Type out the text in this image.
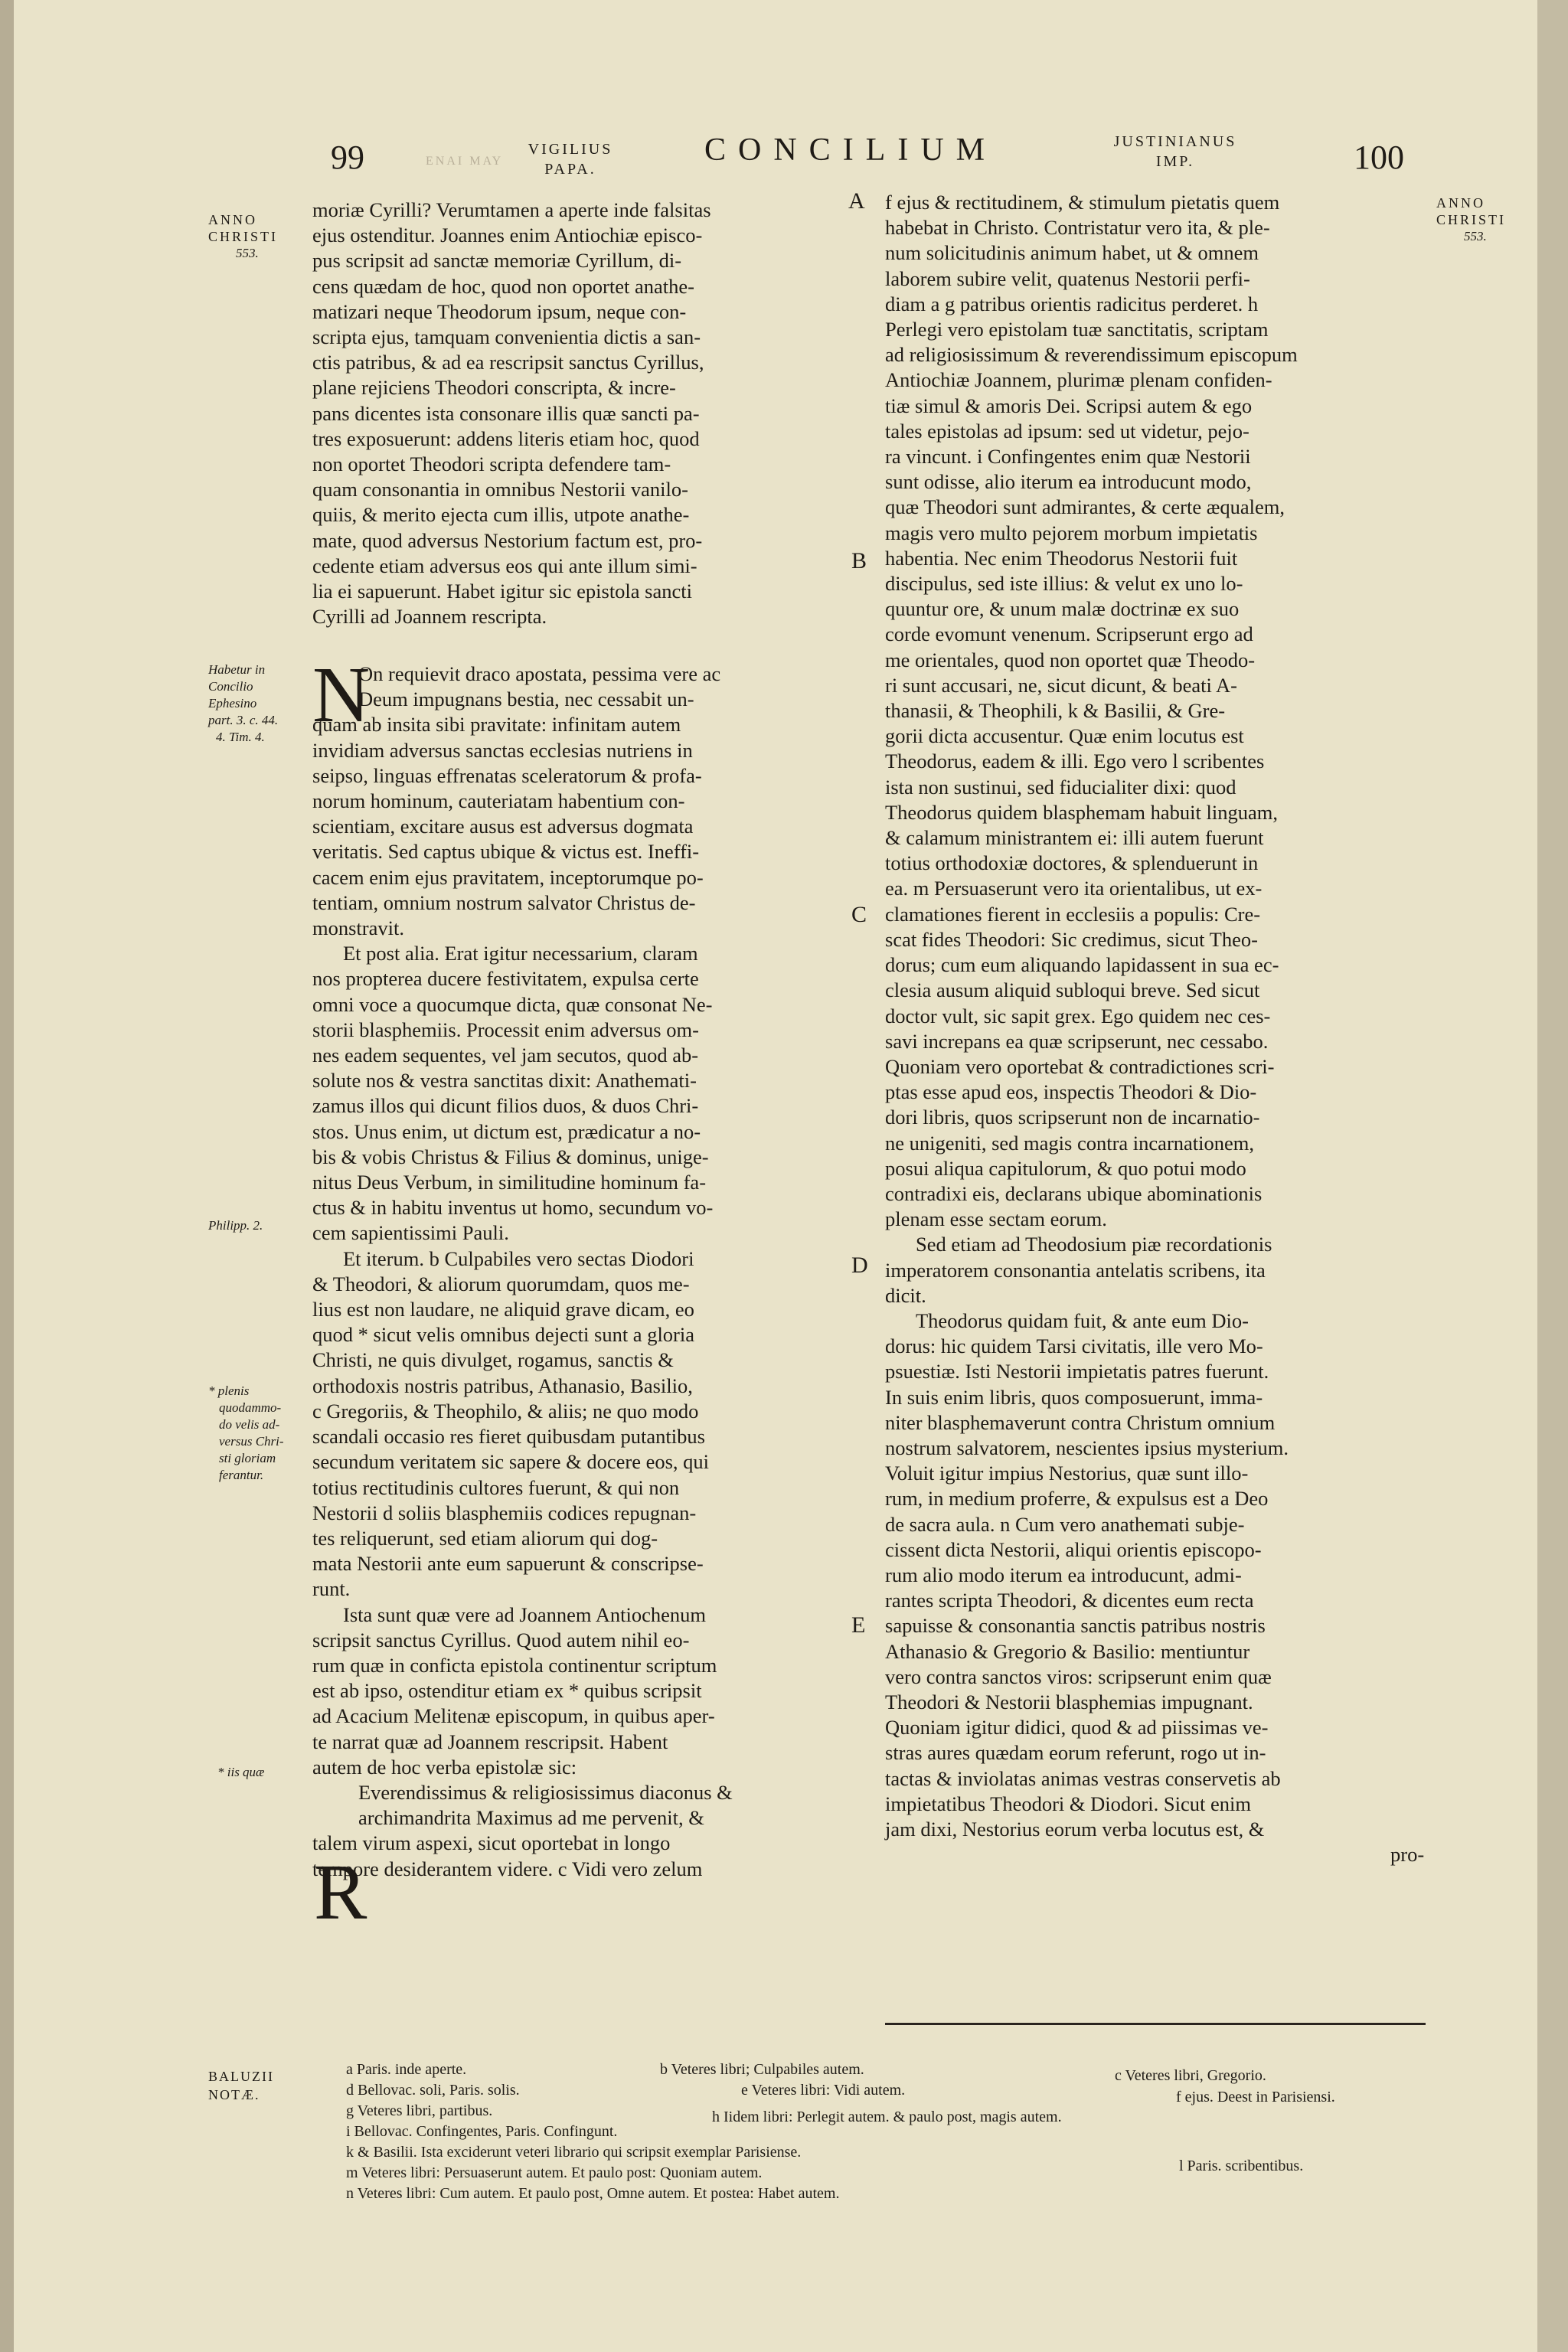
99	ΕΝΑΙ ΜΑΥ
VIGILIUS
PAPA.
CONCILIUM	JUSTINIANUS
IMP.	100
ANNO
CHRISTI
553.
Habetur in
Concilio
Ephesino
part. 3. c. 44.
4. Tim. 4.
Philipp. 2.
* plenis
quodammo-
do velis ad-
versus Chri-
sti gloriam
ferantur.
* iis quæ
ANNO
CHRISTI
553.
A
B
C
D
E
N
R

moriæ Cyrilli? Verumtamen a aperte inde falsitas

ejus ostenditur. Joannes enim Antiochiæ episco-

pus scripsit ad sanctæ memoriæ Cyrillum, di-

cens quædam de hoc, quod non oportet anathe-

matizari neque Theodorum ipsum, neque con-

scripta ejus, tamquam convenientia dictis a san-

ctis patribus, & ad ea rescripsit sanctus Cyrillus,

plane rejiciens Theodori conscripta, & incre-

pans dicentes ista consonare illis quæ sancti pa-

tres exposuerunt: addens literis etiam hoc, quod

non oportet Theodori scripta defendere tam-

quam consonantia in omnibus Nestorii vanilo-

quiis, & merito ejecta cum illis, utpote anathe-

mate, quod adversus Nestorium factum est, pro-

cedente etiam adversus eos qui ante illum simi-

lia ei sapuerunt. Habet igitur sic epistola sancti

Cyrilli ad Joannem rescripta.

On requievit draco apostata, pessima vere ac

Deum impugnans bestia, nec cessabit un-

quam ab insita sibi pravitate: infinitam autem

invidiam adversus sanctas ecclesias nutriens in

seipso, linguas effrenatas sceleratorum & profa-

norum hominum, cauteriatam habentium con-

scientiam, excitare ausus est adversus dogmata

veritatis. Sed captus ubique & victus est. Ineffi-

cacem enim ejus pravitatem, inceptorumque po-

tentiam, omnium nostrum salvator Christus de-

monstravit.

Et post alia. Erat igitur necessarium, claram

nos propterea ducere festivitatem, expulsa certe

omni voce a quocumque dicta, quæ consonat Ne-

storii blasphemiis. Processit enim adversus om-

nes eadem sequentes, vel jam secutos, quod ab-

solute nos & vestra sanctitas dixit: Anathemati-

zamus illos qui dicunt filios duos, & duos Chri-

stos. Unus enim, ut dictum est, prædicatur a no-

bis & vobis Christus & Filius & dominus, unige-

nitus Deus Verbum, in similitudine hominum fa-

ctus & in habitu inventus ut homo, secundum vo-

cem sapientissimi Pauli.

Et iterum. b Culpabiles vero sectas Diodori

& Theodori, & aliorum quorumdam, quos me-

lius est non laudare, ne aliquid grave dicam, eo

quod * sicut velis omnibus dejecti sunt a gloria

Christi, ne quis divulget, rogamus, sanctis &

orthodoxis nostris patribus, Athanasio, Basilio,

c Gregoriis, & Theophilo, & aliis; ne quo modo

scandali occasio res fieret quibusdam putantibus

secundum veritatem sic sapere & docere eos, qui

totius rectitudinis cultores fuerunt, & qui non

Nestorii d soliis blasphemiis codices repugnan-

tes reliquerunt, sed etiam aliorum qui dog-

mata Nestorii ante eum sapuerunt & conscripse-

runt.

Ista sunt quæ vere ad Joannem Antiochenum

scripsit sanctus Cyrillus. Quod autem nihil eo-

rum quæ in conficta epistola continentur scriptum

est ab ipso, ostenditur etiam ex * quibus scripsit

ad Acacium Melitenæ episcopum, in quibus aper-

te narrat quæ ad Joannem rescripsit. Habent

autem de hoc verba epistolæ sic:

Everendissimus & religiosissimus diaconus &

archimandrita Maximus ad me pervenit, &

talem virum aspexi, sicut oportebat in longo

tempore desiderantem videre. c Vidi vero zelum

f ejus & rectitudinem, & stimulum pietatis quem

habebat in Christo. Contristatur vero ita, & ple-

num solicitudinis animum habet, ut & omnem

laborem subire velit, quatenus Nestorii perfi-

diam a g patribus orientis radicitus perderet. h

Perlegi vero epistolam tuæ sanctitatis, scriptam

ad religiosissimum & reverendissimum episcopum

Antiochiæ Joannem, plurimæ plenam confiden-

tiæ simul & amoris Dei. Scripsi autem & ego

tales epistolas ad ipsum: sed ut videtur, pejo-

ra vincunt. i Confingentes enim quæ Nestorii

sunt odisse, alio iterum ea introducunt modo,

quæ Theodori sunt admirantes, & certe æqualem,

magis vero multo pejorem morbum impietatis

habentia. Nec enim Theodorus Nestorii fuit

discipulus, sed iste illius: & velut ex uno lo-

quuntur ore, & unum malæ doctrinæ ex suo

corde evomunt venenum. Scripserunt ergo ad

me orientales, quod non oportet quæ Theodo-

ri sunt accusari, ne, sicut dicunt, & beati A-

thanasii, & Theophili, k & Basilii, & Gre-

gorii dicta accusentur. Quæ enim locutus est

Theodorus, eadem & illi. Ego vero l scribentes

ista non sustinui, sed fiducialiter dixi: quod

Theodorus quidem blasphemam habuit linguam,

& calamum ministrantem ei: illi autem fuerunt

totius orthodoxiæ doctores, & splenduerunt in

ea. m Persuaserunt vero ita orientalibus, ut ex-

clamationes fierent in ecclesiis a populis: Cre-

scat fides Theodori: Sic credimus, sicut Theo-

dorus; cum eum aliquando lapidassent in sua ec-

clesia ausum aliquid subloqui breve. Sed sicut

doctor vult, sic sapit grex. Ego quidem nec ces-

savi increpans ea quæ scripserunt, nec cessabo.

Quoniam vero oportebat & contradictiones scri-

ptas esse apud eos, inspectis Theodori & Dio-

dori libris, quos scripserunt non de incarnatio-

ne unigeniti, sed magis contra incarnationem,

posui aliqua capitulorum, & quo potui modo

contradixi eis, declarans ubique abominationis

plenam esse sectam eorum.

Sed etiam ad Theodosium piæ recordationis

imperatorem consonantia antelatis scribens, ita

dicit.

Theodorus quidam fuit, & ante eum Dio-

dorus: hic quidem Tarsi civitatis, ille vero Mo-

psuestiæ. Isti Nestorii impietatis patres fuerunt.

In suis enim libris, quos composuerunt, imma-

niter blasphemaverunt contra Christum omnium

nostrum salvatorem, nescientes ipsius mysterium.

Voluit igitur impius Nestorius, quæ sunt illo-

rum, in medium proferre, & expulsus est a Deo

de sacra aula. n Cum vero anathemati subje-

cissent dicta Nestorii, aliqui orientis episcopo-

rum alio modo iterum ea introducunt, admi-

rantes scripta Theodori, & dicentes eum recta

sapuisse & consonantia sanctis patribus nostris

Athanasio & Gregorio & Basilio: mentiuntur

vero contra sanctos viros: scripserunt enim quæ

Theodori & Nestorii blasphemias impugnant.

Quoniam igitur didici, quod & ad piissimas ve-

stras aures quædam eorum referunt, rogo ut in-

tactas & inviolatas animas vestras conservetis ab

impietatibus Theodori & Diodori. Sicut enim

jam dixi, Nestorius eorum verba locutus est, &

pro-

BALUZII
NOTÆ.
a Paris. inde aperte.	b Veteres libri; Culpabiles autem.	c Veteres libri, Gregorio.
d Bellovac. soli, Paris. solis.	e Veteres libri: Vidi autem.	f ejus. Deest in Parisiensi.
g Veteres libri, partibus.	h Iidem libri: Perlegit autem. & paulo post, magis autem.
i Bellovac. Confingentes, Paris. Confingunt.
k & Basilii. Ista exciderunt veteri librario qui scripsit exemplar Parisiense.
l Paris. scribentibus.
m Veteres libri: Persuaserunt autem. Et paulo post: Quoniam autem.
n Veteres libri: Cum autem. Et paulo post, Omne autem. Et postea: Habet autem.
